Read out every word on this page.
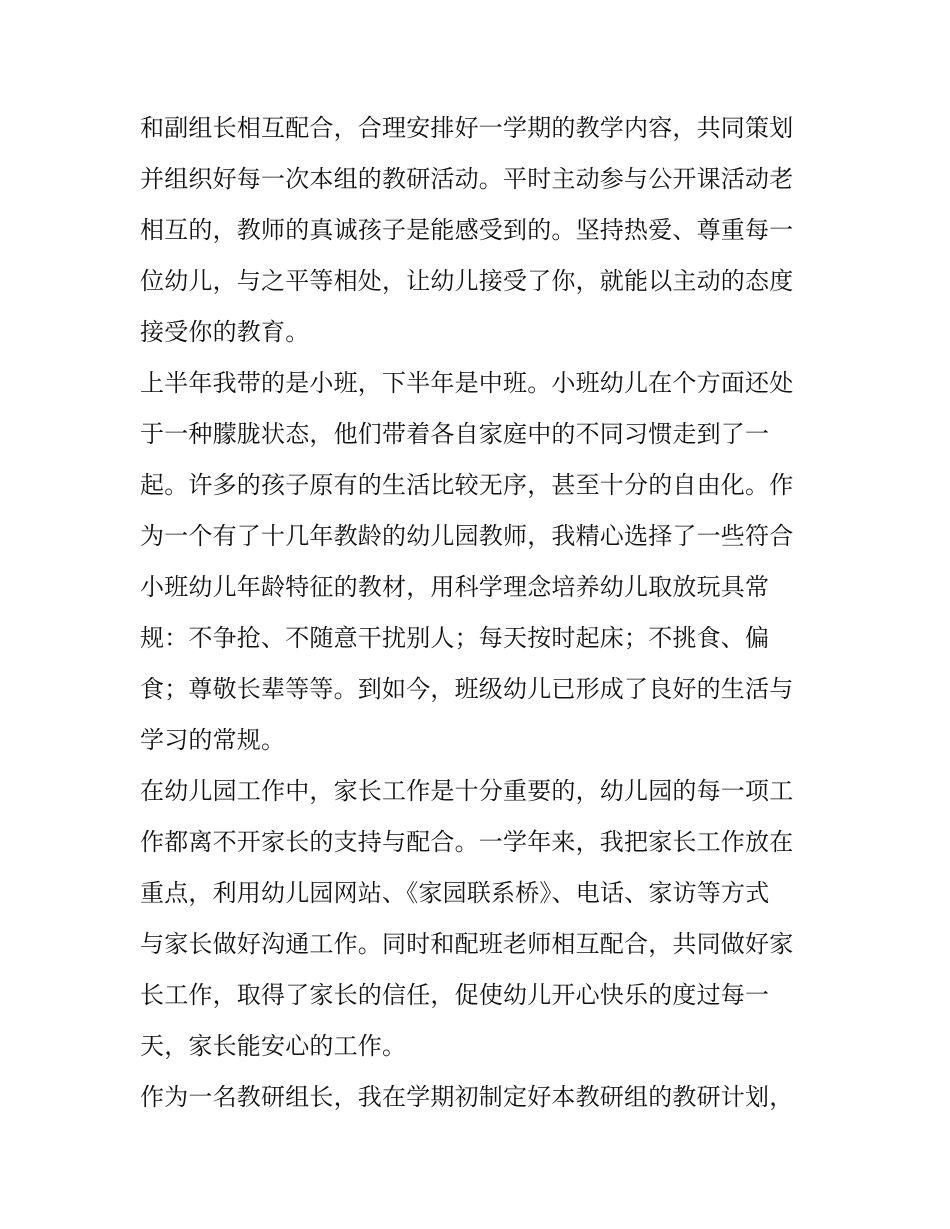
和副组长相互配合，合理安排好一学期的教学内容，共同策划
并组织好每一次本组的教研活动。平时主动参与公开课活动老
相互的，教师的真诚孩子是能感受到的。坚持热爱、尊重每一
位幼儿，与之平等相处，让幼儿接受了你，就能以主动的态度
接受你的教育。
上半年我带的是小班，下半年是中班。小班幼儿在个方面还处
于一种朦胧状态，他们带着各自家庭中的不同习惯走到了一
起。许多的孩子原有的生活比较无序，甚至十分的自由化。作
为一个有了十几年教龄的幼儿园教师，我精心选择了一些符合
小班幼儿年龄特征的教材，用科学理念培养幼儿取放玩具常
规：不争抢、不随意干扰别人；每天按时起床；不挑食、偏
食；尊敬长辈等等。到如今，班级幼儿已形成了良好的生活与
学习的常规。
在幼儿园工作中，家长工作是十分重要的，幼儿园的每一项工
作都离不开家长的支持与配合。一学年来，我把家长工作放在
重点，利用幼儿园网站、《家园联系桥》、电话、家访等方式
与家长做好沟通工作。同时和配班老师相互配合，共同做好家
长工作，取得了家长的信任，促使幼儿开心快乐的度过每一
天，家长能安心的工作。
作为一名教研组长，我在学期初制定好本教研组的教研计划，
